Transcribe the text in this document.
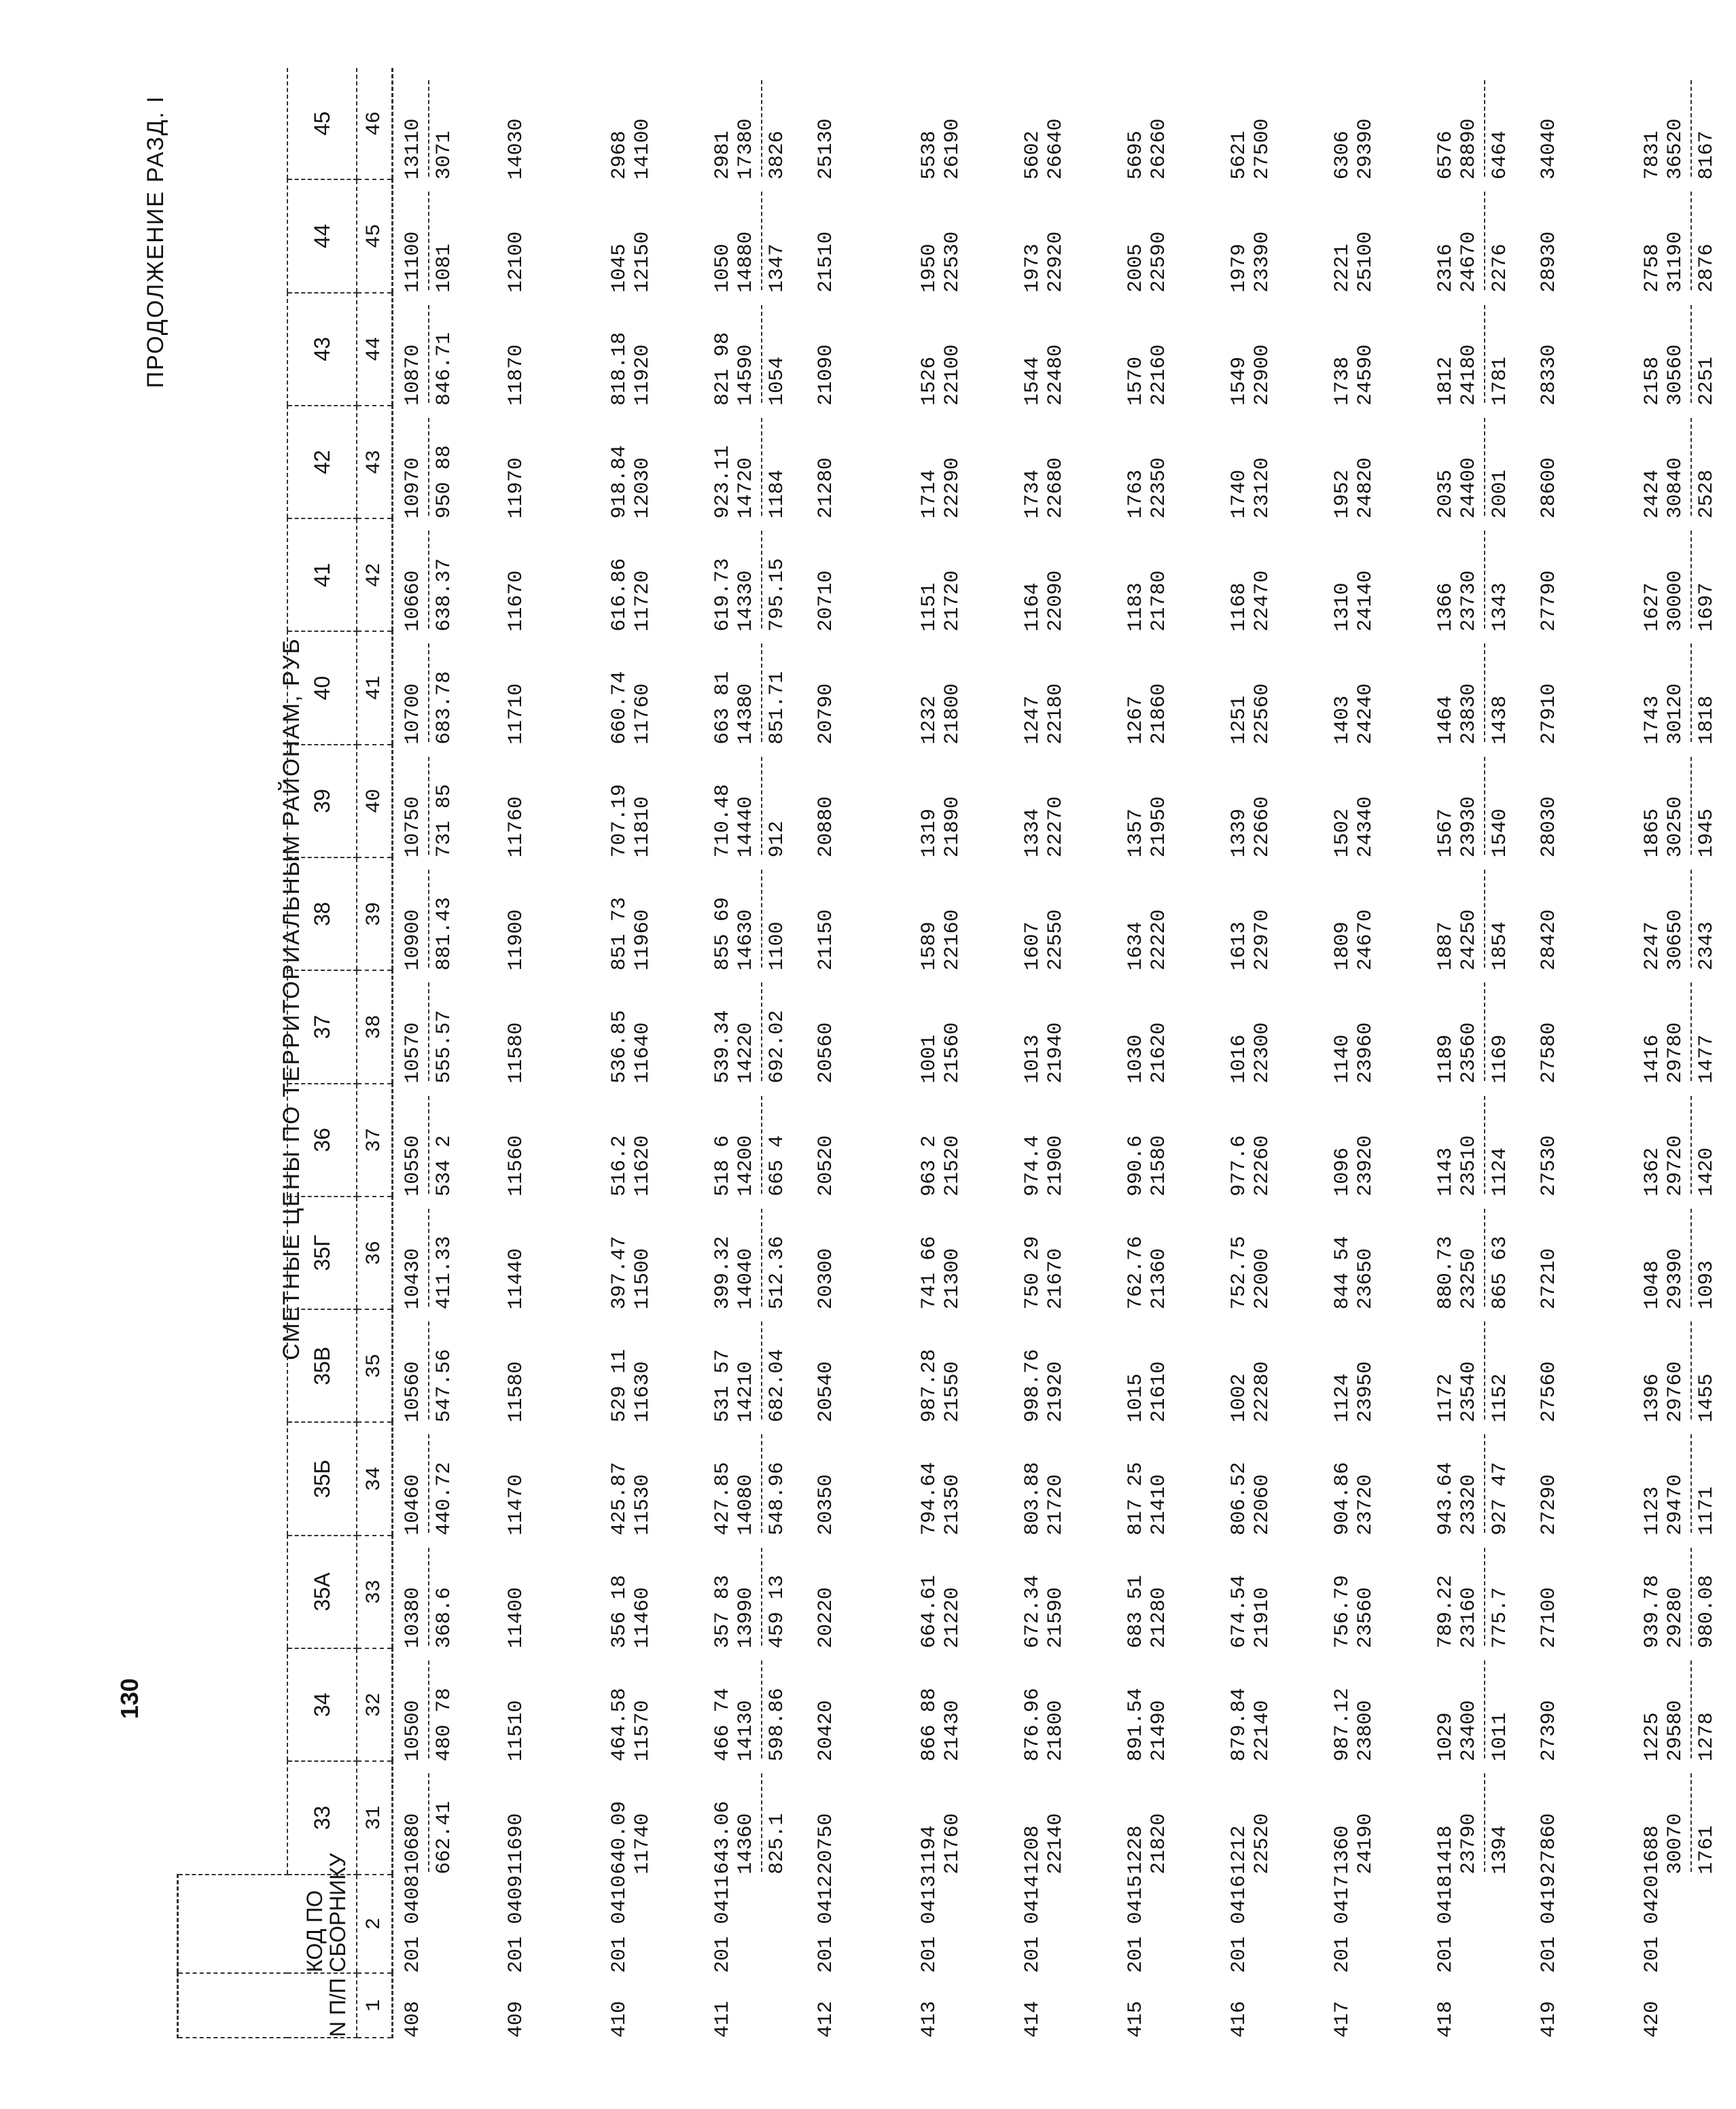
130
ПРОДОЛЖЕНИЕ РАЗД. I
СМЕТНЫЕ ЦЕНЫ ПО ТЕРРИТОРИАЛЬНЫМ РАЙОНАМ, РУБ
N П/П	КОД ПО СБОРНИКУ																
		33	34	35А	35Б	35В	35Г	36	37	38	39	40	41	42	43	44	45
1	2	31	32	33	34	35	36	37	38	39	40	41	42	43	44	45	46
408	201 0408	10680 662.41	10500 480 78	10380 368.6	10460 440.72	10560 547.56	10430 411.33	10550 534 2	10570 555.57	10900 881.43	10750 731 85	10700 683.78	10660 638.37	10970 950 88	10870 846.71	11100 1081	13110 3071

409	201 0409	11690	11510	11400	11470	11580	11440	11560	11580	11900	11760	11710	11670	11970	11870	12100	14030

410	201 0410	640.09 11740	464.58 11570	356 18 11460	425.87 11530	529 11 11630	397.47 11500	516.2 11620	536.85 11640	851 73 11960	707.19 11810	660.74 11760	616.86 11720	918.84 12030	818.18 11920	1045 12150	2968 14100

411	201 0411	643.06 14360 825.1	466 74 14130 598.86	357 83 13990 459 13	427.85 14080 548.96	531 57 14210 682.04	399.32 14040 512.36	518 6 14200 665 4	539.34 14220 692.02	855 69 14630 1100	710.48 14440 912	663 81 14380 851.71	619.73 14330 795.15	923.11 14720 1184	821 98 14590 1054	1050 14880 1347	2981 17380 3826

412	201 0412	20750	20420	20220	20350	20540	20300	20520	20560	21150	20880	20790	20710	21280	21090	21510	25130

413	201 0413	1194 21760	866 88 21430	664.61 21220	794.64 21350	987.28 21550	741 66 21300	963 2 21520	1001 21560	1589 22160	1319 21890	1232 21800	1151 21720	1714 22290	1526 22100	1950 22530	5538 26190

414	201 0414	1208 22140	876.96 21800	672.34 21590	803.88 21720	998.76 21920	750 29 21670	974.4 21900	1013 21940	1607 22550	1334 22270	1247 22180	1164 22090	1734 22680	1544 22480	1973 22920	5602 26640

415	201 0415	1228 21820	891.54 21490	683 51 21280	817 25 21410	1015 21610	762.76 21360	990.6 21580	1030 21620	1634 22220	1357 21950	1267 21860	1183 21780	1763 22350	1570 22160	2005 22590	5695 26260

416	201 0416	1212 22520	879.84 22140	674.54 21910	806.52 22060	1002 22280	752.75 22000	977.6 22260	1016 22300	1613 22970	1339 22660	1251 22560	1168 22470	1740 23120	1549 22900	1979 23390	5621 27500

417	201 0417	1360 24190	987.12 23800	756.79 23560	904.86 23720	1124 23950	844 54 23650	1096 23920	1140 23960	1809 24670	1502 24340	1403 24240	1310 24140	1952 24820	1738 24590	2221 25100	6306 29390

418	201 0418	1418 23790 1394	1029 23400 1011	789.22 23160 775.7	943.64 23320 927 47	1172 23540 1152	880.73 23250 865 63	1143 23510 1124	1189 23560 1169	1887 24250 1854	1567 23930 1540	1464 23830 1438	1366 23730 1343	2035 24400 2001	1812 24180 1781	2316 24670 2276	6576 28890 6464

419	201 0419	27860	27390	27100	27290	27560	27210	27530	27580	28420	28030	27910	27790	28600	28330	28930	34040

420	201 0420	1688 30070 1761	1225 29580 1278	939.78 29280 980.08	1123 29470 1171	1396 29760 1455	1048 29390 1093	1362 29720 1420	1416 29780 1477	2247 30650 2343	1865 30250 1945	1743 30120 1818	1627 30000 1697	2424 30840 2528	2158 30560 2251	2758 31190 2876	7831 36520 8167
